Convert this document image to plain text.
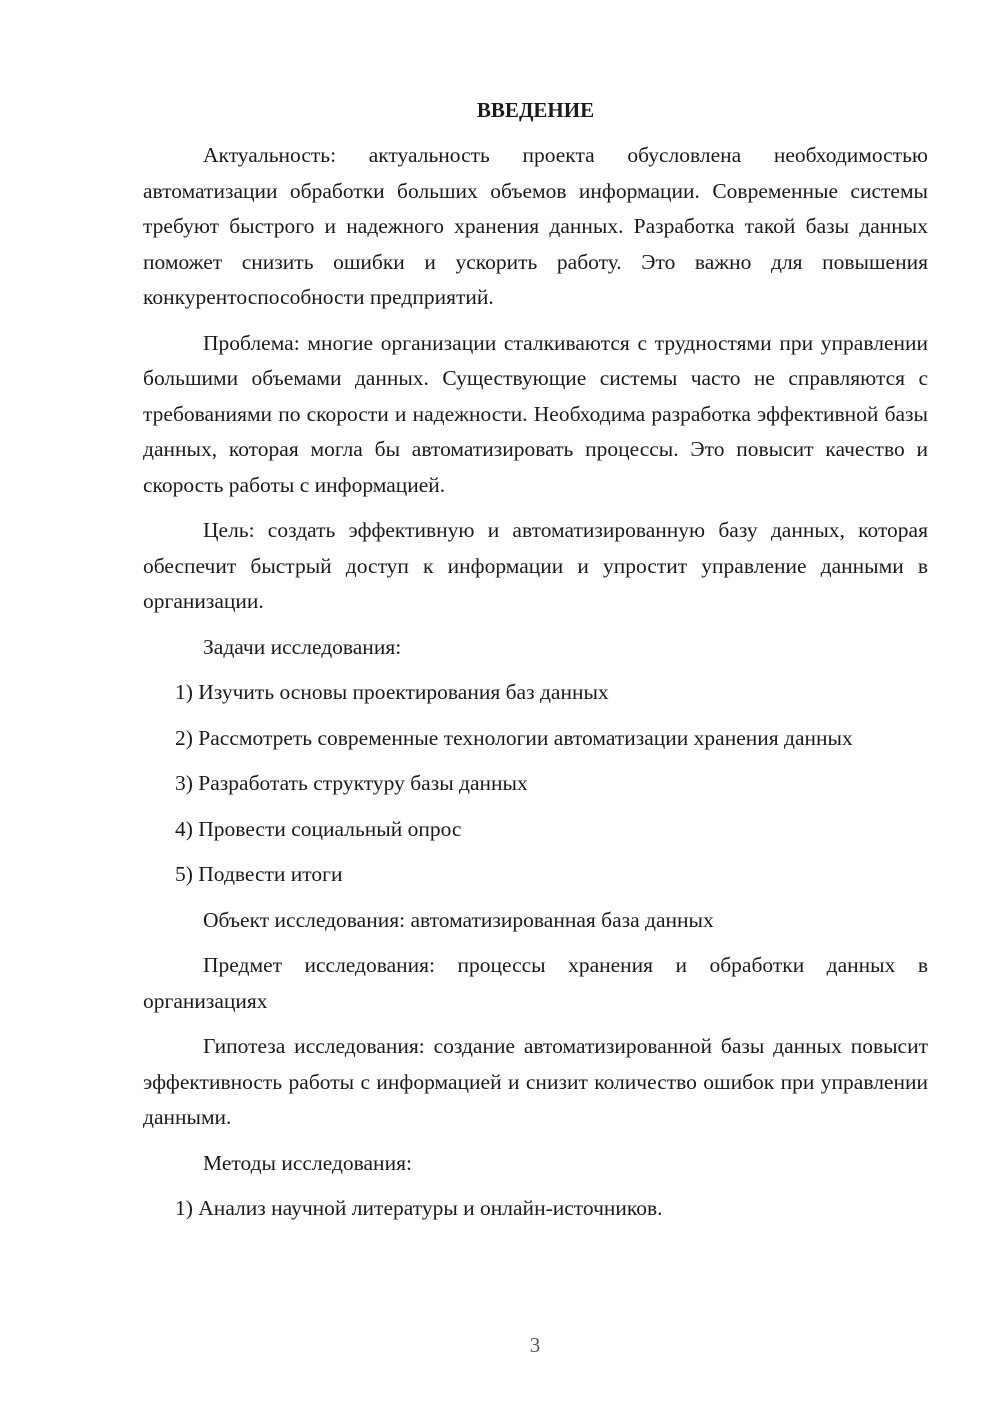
ВВЕДЕНИЕ

Актуальность: актуальность проекта обусловлена необходимостью автоматизации обработки больших объемов информации. Современные системы требуют быстрого и надежного хранения данных. Разработка такой базы данных поможет снизить ошибки и ускорить работу. Это важно для повышения конкурентоспособности предприятий.

Проблема: многие организации сталкиваются с трудностями при управлении большими объемами данных. Существующие системы часто не справляются с требованиями по скорости и надежности. Необходима разработка эффективной базы данных, которая могла бы автоматизировать процессы. Это повысит качество и скорость работы с информацией.

Цель: создать эффективную и автоматизированную базу данных, которая обеспечит быстрый доступ к информации и упростит управление данными в организации.

Задачи исследования:

1) Изучить основы проектирования баз данных

2) Рассмотреть современные технологии автоматизации хранения данных

3) Разработать структуру базы данных

4) Провести социальный опрос

5) Подвести итоги

Объект исследования: автоматизированная база данных

Предмет исследования: процессы хранения и обработки данных в организациях

Гипотеза исследования: создание автоматизированной базы данных повысит эффективность работы с информацией и снизит количество ошибок при управлении данными.

Методы исследования:

1) Анализ научной литературы и онлайн-источников.

3
